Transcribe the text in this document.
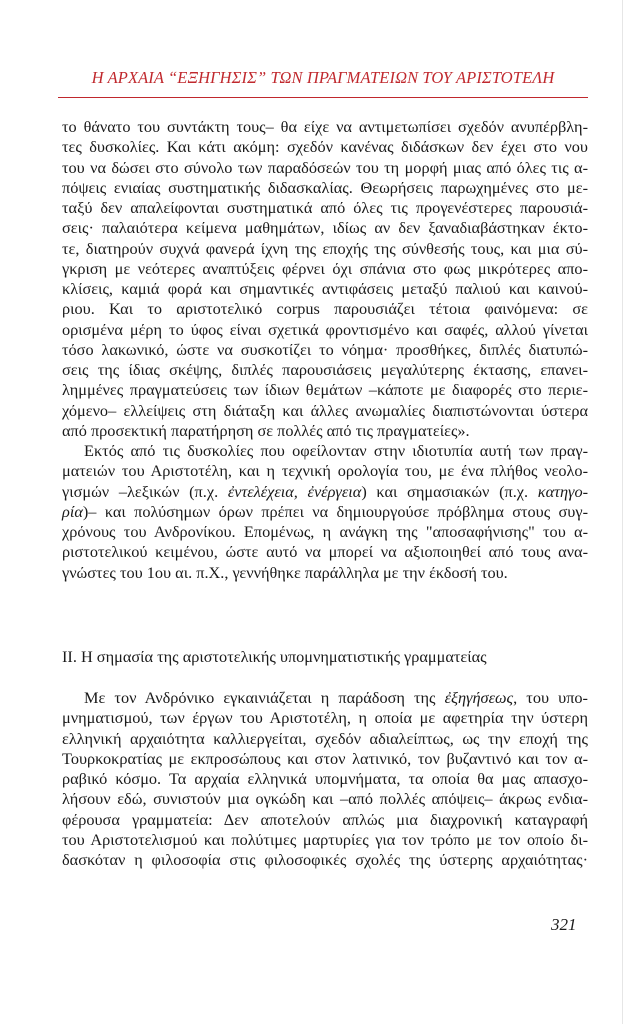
Η ΑΡΧΑΙΑ “ΕΞΗΓΗΣΙΣ” ΤΩΝ ΠΡΑΓΜΑΤΕΙΩΝ ΤΟΥ ΑΡΙΣΤΟΤΕΛΗ
το θάνατο του συντάκτη τους– θα είχε να αντιμετωπίσει σχεδόν ανυπέρβλη-
τες δυσκολίες. Και κάτι ακόμη: σχεδόν κανένας διδάσκων δεν έχει στο νου
του να δώσει στο σύνολο των παραδόσεών του τη μορφή μιας από όλες τις α-
πόψεις ενιαίας συστηματικής διδασκαλίας. Θεωρήσεις παρωχημένες στο με-
ταξύ δεν απαλείφονται συστηματικά από όλες τις προγενέστερες παρουσιά-
σεις· παλαιότερα κείμενα μαθημάτων, ιδίως αν δεν ξαναδιαβάστηκαν έκτο-
τε, διατηρούν συχνά φανερά ίχνη της εποχής της σύνθεσής τους, και μια σύ-
γκριση με νεότερες αναπτύξεις φέρνει όχι σπάνια στο φως μικρότερες απο-
κλίσεις, καμιά φορά και σημαντικές αντιφάσεις μεταξύ παλιού και καινού-
ριου. Και το αριστοτελικό corpus παρουσιάζει τέτοια φαινόμενα: σε
ορισμένα μέρη το ύφος είναι σχετικά φροντισμένο και σαφές, αλλού γίνεται
τόσο λακωνικό, ώστε να συσκοτίζει το νόημα· προσθήκες, διπλές διατυπώ-
σεις της ίδιας σκέψης, διπλές παρουσιάσεις μεγαλύτερης έκτασης, επανει-
λημμένες πραγματεύσεις των ίδιων θεμάτων –κάποτε με διαφορές στο περιε-
χόμενο– ελλείψεις στη διάταξη και άλλες ανωμαλίες διαπιστώνονται ύστερα
από προσεκτική παρατήρηση σε πολλές από τις πραγματείες».
Εκτός από τις δυσκολίες που οφείλονταν στην ιδιοτυπία αυτή των πραγ-
ματειών του Αριστοτέλη, και η τεχνική ορολογία του, με ένα πλήθος νεολο-
γισμών –λεξικών (π.χ. ἐντελέχεια, ἐνέργεια) και σημασιακών (π.χ. κατηγο-
ρία)– και πολύσημων όρων πρέπει να δημιουργούσε πρόβλημα στους συγ-
χρόνους του Ανδρονίκου. Επομένως, η ανάγκη της "αποσαφήνισης" του α-
ριστοτελικού κειμένου, ώστε αυτό να μπορεί να αξιοποιηθεί από τους ανα-
γνώστες του 1ου αι. π.Χ., γεννήθηκε παράλληλα με την έκδοσή του.
ΙΙ. Η σημασία της αριστοτελικής υπομνηματιστικής γραμματείας
Με τον Ανδρόνικο εγκαινιάζεται η παράδοση της ἐξηγήσεως, του υπο-
μνηματισμού, των έργων του Αριστοτέλη, η οποία με αφετηρία την ύστερη
ελληνική αρχαιότητα καλλιεργείται, σχεδόν αδιαλείπτως, ως την εποχή της
Τουρκοκρατίας με εκπροσώπους και στον λατινικό, τον βυζαντινό και τον α-
ραβικό κόσμο. Τα αρχαία ελληνικά υπομνήματα, τα οποία θα μας απασχο-
λήσουν εδώ, συνιστούν μια ογκώδη και –από πολλές απόψεις– άκρως ενδια-
φέρουσα γραμματεία: Δεν αποτελούν απλώς μια διαχρονική καταγραφή
του Αριστοτελισμού και πολύτιμες μαρτυρίες για τον τρόπο με τον οποίο δι-
δασκόταν η φιλοσοφία στις φιλοσοφικές σχολές της ύστερης αρχαιότητας·
321
